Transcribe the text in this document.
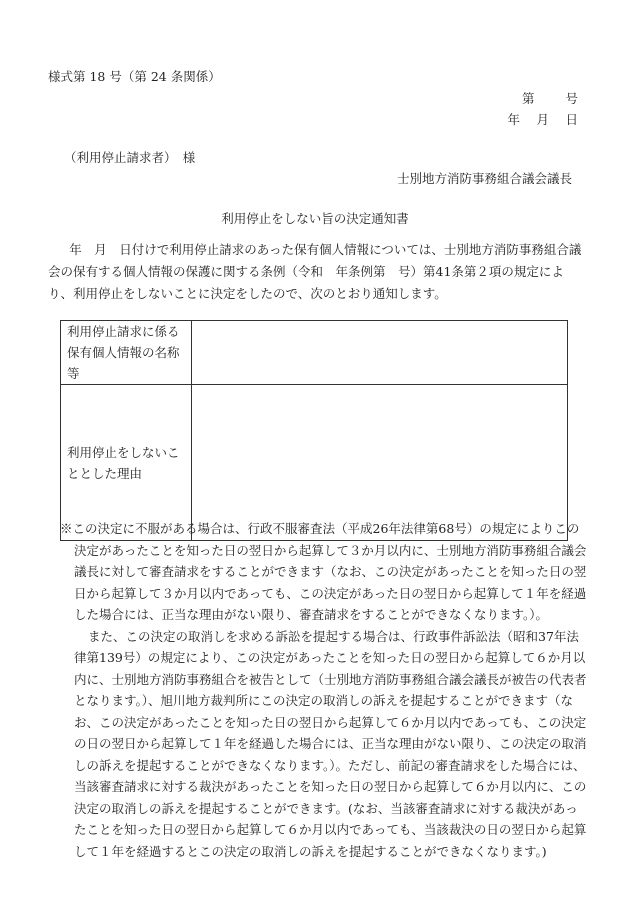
様式第 18 号（第 24 条関係）
第　　号
年　月　日
（利用停止請求者）　様
士別地方消防事務組合議会議長
利用停止をしない旨の決定通知書
年　月　日付けで利用停止請求のあった保有個人情報については、士別地方消防事務組合議会の保有する個人情報の保護に関する条例（令和　年条例第　号）第41条第２項の規定により、利用停止をしないことに決定をしたので、次のとおり通知します。
利用停止請求に係る保有個人情報の名称等	
利用停止をしないこととした理由	

※この決定に不服がある場合は、行政不服審査法（平成26年法律第68号）の規定によりこの決定があったことを知った日の翌日から起算して３か月以内に、士別地方消防事務組合議会議長に対して審査請求をすることができます（なお、この決定があったことを知った日の翌日から起算して３か月以内であっても、この決定があった日の翌日から起算して１年を経過した場合には、正当な理由がない限り、審査請求をすることができなくなります。）。

また、この決定の取消しを求める訴訟を提起する場合は、行政事件訴訟法（昭和37年法律第139号）の規定により、この決定があったことを知った日の翌日から起算して６か月以内に、士別地方消防事務組合を被告として（士別地方消防事務組合議会議長が被告の代表者となります。）、旭川地方裁判所にこの決定の取消しの訴えを提起することができます（なお、この決定があったことを知った日の翌日から起算して６か月以内であっても、この決定の日の翌日から起算して１年を経過した場合には、正当な理由がない限り、この決定の取消しの訴えを提起することができなくなります。）。ただし、前記の審査請求をした場合には、当該審査請求に対する裁決があったことを知った日の翌日から起算して６か月以内に、この決定の取消しの訴えを提起することができます。(なお、当該審査請求に対する裁決があったことを知った日の翌日から起算して６か月以内であっても、当該裁決の日の翌日から起算して１年を経過するとこの決定の取消しの訴えを提起することができなくなります。)
